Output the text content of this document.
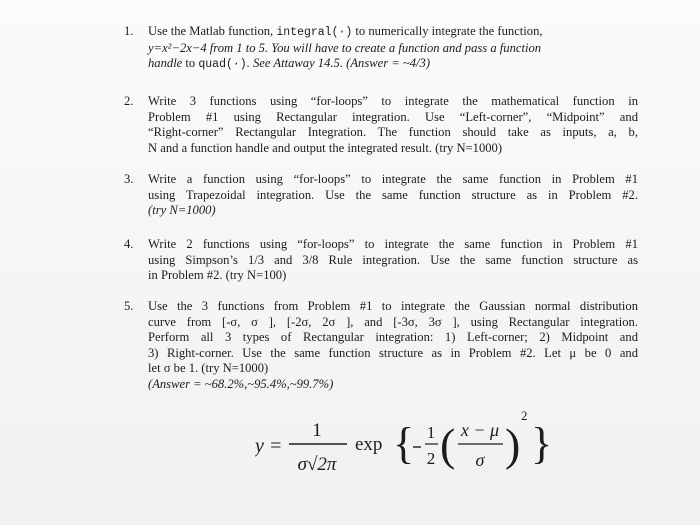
1.	Use the Matlab function, integral(·) to numerically integrate the function,
y=x²−2x−4 from 1 to 5. You will have to create a function and pass a function
handle to quad(·). See Attaway 14.5. (Answer = ~4/3)
2.	Write 3 functions using “for-loops” to integrate the mathematical function in
Problem #1 using Rectangular integration. Use “Left-corner”, “Midpoint” and
“Right-corner” Rectangular Integration. The function should take as inputs, a, b,
N and a function handle and output the integrated result. (try N=1000)
3.	Write a function using “for-loops” to integrate the same function in Problem #1
using Trapezoidal integration. Use the same function structure as in Problem #2.
(try N=1000)
4.	Write 2 functions using “for-loops” to integrate the same function in Problem #1
using Simpson’s 1/3 and 3/8 Rule integration. Use the same function structure as
in Problem #2. (try N=100)
5.	Use the 3 functions from Problem #1 to integrate the Gaussian normal distribution
curve from [-σ, σ ], [-2σ, 2σ ], and [-3σ, 3σ ], using Rectangular integration.
Perform all 3 types of Rectangular integration: 1) Left-corner; 2) Midpoint and
3) Right-corner. Use the same function structure as in Problem #2. Let μ be 0 and
let σ be 1. (try N=1000)
(Answer = ~68.2%,~95.4%,~99.7%)
y =
1
σ√2π
exp { 1
2 ( x − μ
σ )
2
}
